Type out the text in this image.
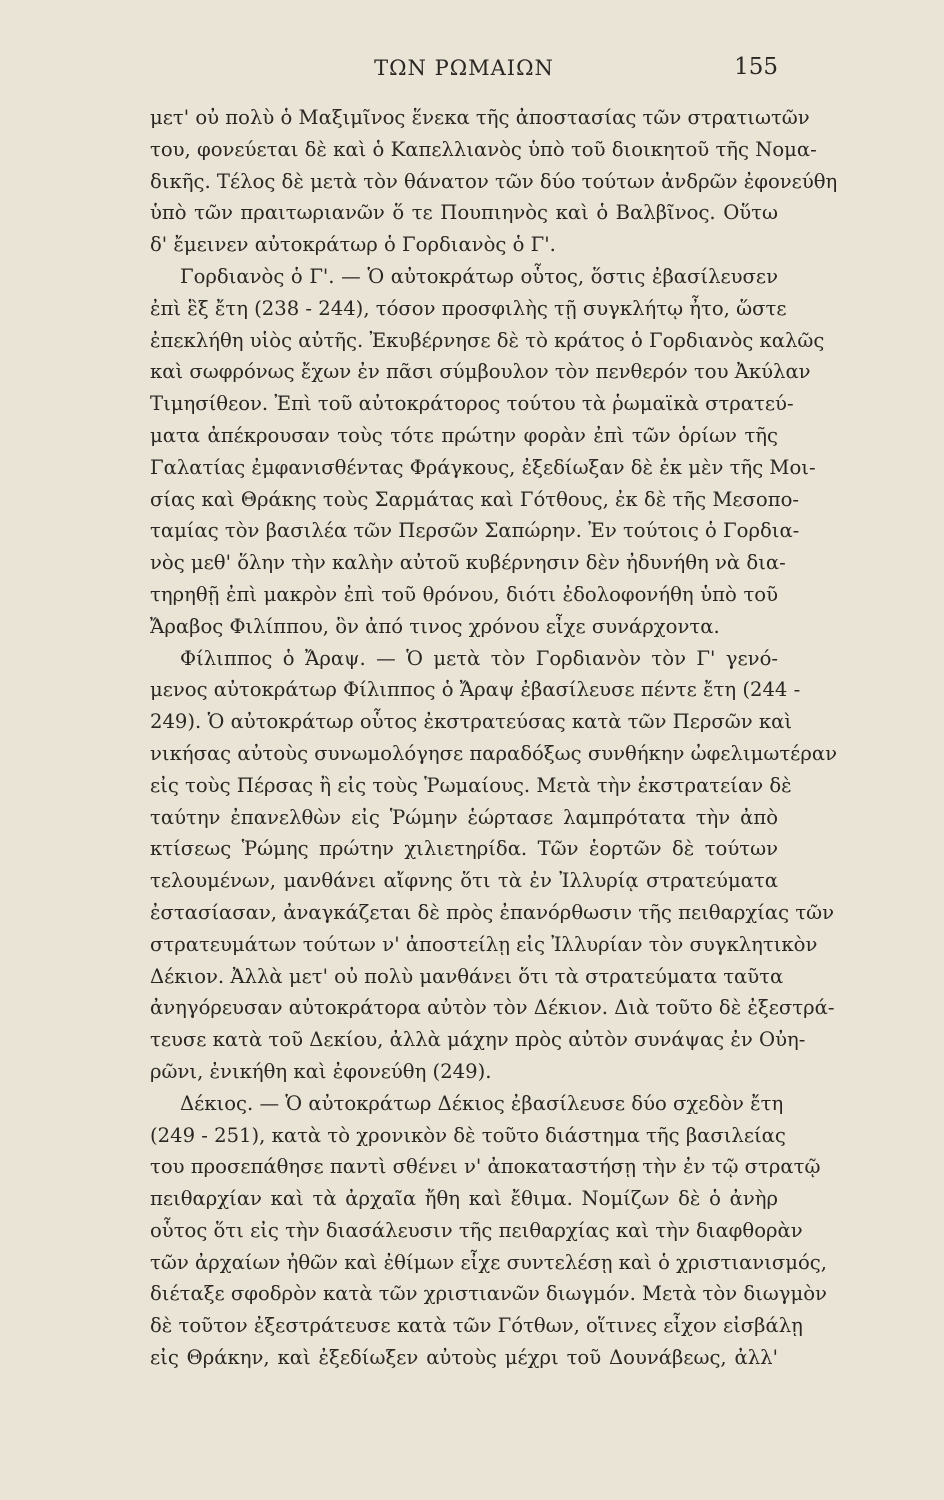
ΤΩΝ ΡΩΜΑΙΩΝ	155
μετ' οὐ πολὺ ὁ Μαξιμῖνος ἕνεκα τῆς ἀποστασίας τῶν στρατιωτῶν
του, φονεύεται δὲ καὶ ὁ Καπελλιανὸς ὑπὸ τοῦ διοικητοῦ τῆς Νομα-
δικῆς. Τέλος δὲ μετὰ τὸν θάνατον τῶν δύο τούτων ἀνδρῶν ἐφονεύθη
ὑπὸ τῶν πραιτωριανῶν ὅ τε Πουπιηνὸς καὶ ὁ Βαλβῖνος. Οὕτω
δ' ἔμεινεν αὐτοκράτωρ ὁ Γορδιανὸς ὁ Γ'.
Γορδιανὸς ὁ Γ'. — Ὁ αὐτοκράτωρ οὗτος, ὅστις ἐβασίλευσεν
ἐπὶ ἓξ ἔτη (238 - 244), τόσον προσφιλὴς τῇ συγκλήτῳ ἦτο, ὥστε
ἐπεκλήθη υἱὸς αὐτῆς. Ἐκυβέρνησε δὲ τὸ κράτος ὁ Γορδιανὸς καλῶς
καὶ σωφρόνως ἔχων ἐν πᾶσι σύμβουλον τὸν πενθερόν του Ἀκύλαν
Τιμησίθεον. Ἐπὶ τοῦ αὐτοκράτορος τούτου τὰ ῥωμαϊκὰ στρατεύ-
ματα ἀπέκρουσαν τοὺς τότε πρώτην φορὰν ἐπὶ τῶν ὁρίων τῆς
Γαλατίας ἐμφανισθέντας Φράγκους, ἐξεδίωξαν δὲ ἐκ μὲν τῆς Μοι-
σίας καὶ Θράκης τοὺς Σαρμάτας καὶ Γότθους, ἐκ δὲ τῆς Μεσοπο-
ταμίας τὸν βασιλέα τῶν Περσῶν Σαπώρην. Ἐν τούτοις ὁ Γορδια-
νὸς μεθ' ὅλην τὴν καλὴν αὐτοῦ κυβέρνησιν δὲν ἠδυνήθη νὰ δια-
τηρηθῇ ἐπὶ μακρὸν ἐπὶ τοῦ θρόνου, διότι ἐδολοφονήθη ὑπὸ τοῦ
Ἄραβος Φιλίππου, ὃν ἀπό τινος χρόνου εἶχε συνάρχοντα.
Φίλιππος ὁ Ἄραψ. — Ὁ μετὰ τὸν Γορδιανὸν τὸν Γ' γενό-
μενος αὐτοκράτωρ Φίλιππος ὁ Ἄραψ ἐβασίλευσε πέντε ἔτη (244 -
249). Ὁ αὐτοκράτωρ οὗτος ἐκστρατεύσας κατὰ τῶν Περσῶν καὶ
νικήσας αὐτοὺς συνωμολόγησε παραδόξως συνθήκην ὠφελιμωτέραν
εἰς τοὺς Πέρσας ἢ εἰς τοὺς Ῥωμαίους. Μετὰ τὴν ἐκστρατείαν δὲ
ταύτην ἐπανελθὼν εἰς Ῥώμην ἑώρτασε λαμπρότατα τὴν ἀπὸ
κτίσεως Ῥώμης πρώτην χιλιετηρίδα. Τῶν ἑορτῶν δὲ τούτων
τελουμένων, μανθάνει αἴφνης ὅτι τὰ ἐν Ἰλλυρίᾳ στρατεύματα
ἐστασίασαν, ἀναγκάζεται δὲ πρὸς ἐπανόρθωσιν τῆς πειθαρχίας τῶν
στρατευμάτων τούτων ν' ἀποστείλῃ εἰς Ἰλλυρίαν τὸν συγκλητικὸν
Δέκιον. Ἀλλὰ μετ' οὐ πολὺ μανθάνει ὅτι τὰ στρατεύματα ταῦτα
ἀνηγόρευσαν αὐτοκράτορα αὐτὸν τὸν Δέκιον. Διὰ τοῦτο δὲ ἐξεστρά-
τευσε κατὰ τοῦ Δεκίου, ἀλλὰ μάχην πρὸς αὐτὸν συνάψας ἐν Οὐη-
ρῶνι, ἐνικήθη καὶ ἐφονεύθη (249).
Δέκιος. — Ὁ αὐτοκράτωρ Δέκιος ἐβασίλευσε δύο σχεδὸν ἔτη
(249 - 251), κατὰ τὸ χρονικὸν δὲ τοῦτο διάστημα τῆς βασιλείας
του προσεπάθησε παντὶ σθένει ν' ἀποκαταστήσῃ τὴν ἐν τῷ στρατῷ
πειθαρχίαν καὶ τὰ ἀρχαῖα ἤθη καὶ ἔθιμα. Νομίζων δὲ ὁ ἀνὴρ
οὗτος ὅτι εἰς τὴν διασάλευσιν τῆς πειθαρχίας καὶ τὴν διαφθορὰν
τῶν ἀρχαίων ἠθῶν καὶ ἐθίμων εἶχε συντελέσῃ καὶ ὁ χριστιανισμός,
διέταξε σφοδρὸν κατὰ τῶν χριστιανῶν διωγμόν. Μετὰ τὸν διωγμὸν
δὲ τοῦτον ἐξεστράτευσε κατὰ τῶν Γότθων, οἵτινες εἶχον εἰσβάλῃ
εἰς Θράκην, καὶ ἐξεδίωξεν αὐτοὺς μέχρι τοῦ Δουνάβεως, ἀλλ'
